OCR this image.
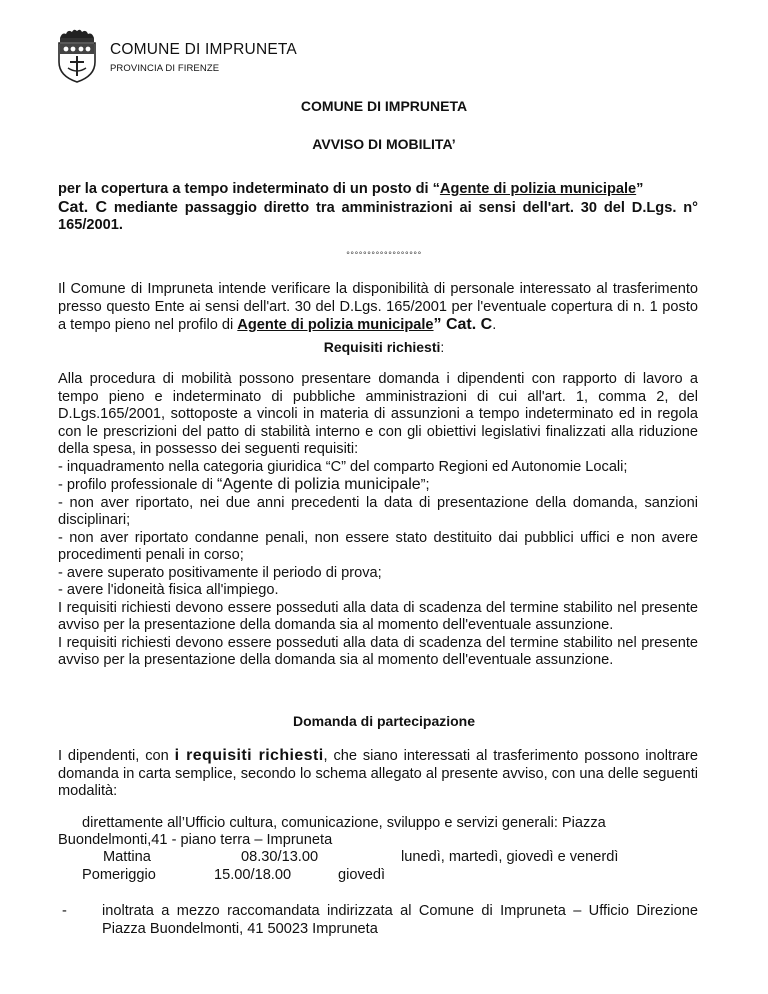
COMUNE DI IMPRUNETA
PROVINCIA DI FIRENZE
COMUNE DI IMPRUNETA
AVVISO DI MOBILITA’
per la copertura a tempo indeterminato di un posto di “Agente di polizia municipale”
Cat. C mediante passaggio diretto tra amministrazioni ai sensi dell'art. 30 del D.Lgs. n° 165/2001.
°°°°°°°°°°°°°°°°°°
Il Comune di Impruneta intende verificare la disponibilità di personale interessato al trasferimento presso questo Ente ai sensi dell'art. 30 del D.Lgs. 165/2001 per l'eventuale copertura di n. 1 posto a tempo pieno nel profilo di Agente di polizia municipale” Cat. C.
Requisiti richiesti:

Alla procedura di mobilità possono presentare domanda i dipendenti con rapporto di lavoro a tempo pieno e indeterminato di pubbliche amministrazioni di cui all'art. 1, comma 2, del D.Lgs.165/2001, sottoposte a vincoli in materia di assunzioni a tempo indeterminato ed in regola con le prescrizioni del patto di stabilità interno e con gli obiettivi legislativi finalizzati alla riduzione della spesa, in possesso dei seguenti requisiti:

- inquadramento nella categoria giuridica “C” del comparto Regioni ed Autonomie Locali;

- profilo professionale di “Agente di polizia municipale”;

- non aver riportato, nei due anni precedenti la data di presentazione della domanda, sanzioni disciplinari;

- non aver riportato condanne penali, non essere stato destituito dai pubblici uffici e non avere procedimenti penali in corso;

- avere superato positivamente il periodo di prova;

- avere l'idoneità fisica all'impiego.

I requisiti richiesti devono essere posseduti alla data di scadenza del termine stabilito nel presente avviso per la presentazione della domanda sia al momento dell'eventuale assunzione.

I requisiti richiesti devono essere posseduti alla data di scadenza del termine stabilito nel presente avviso per la presentazione della domanda sia al momento dell'eventuale assunzione.

Domanda di partecipazione
I dipendenti, con i requisiti richiesti, che siano interessati al trasferimento possono inoltrare domanda in carta semplice, secondo lo schema allegato al presente avviso, con una delle seguenti modalità:
direttamente all’Ufficio cultura, comunicazione, sviluppo e servizi generali: Piazza
Buondelmonti,41 - piano terra – Impruneta
Mattina	08.30/13.00	lunedì, martedì, giovedì e venerdì
Pomeriggio	15.00/18.00	giovedì
- inoltrata a mezzo raccomandata indirizzata al Comune di Impruneta – Ufficio Direzione Piazza Buondelmonti, 41 50023 Impruneta
